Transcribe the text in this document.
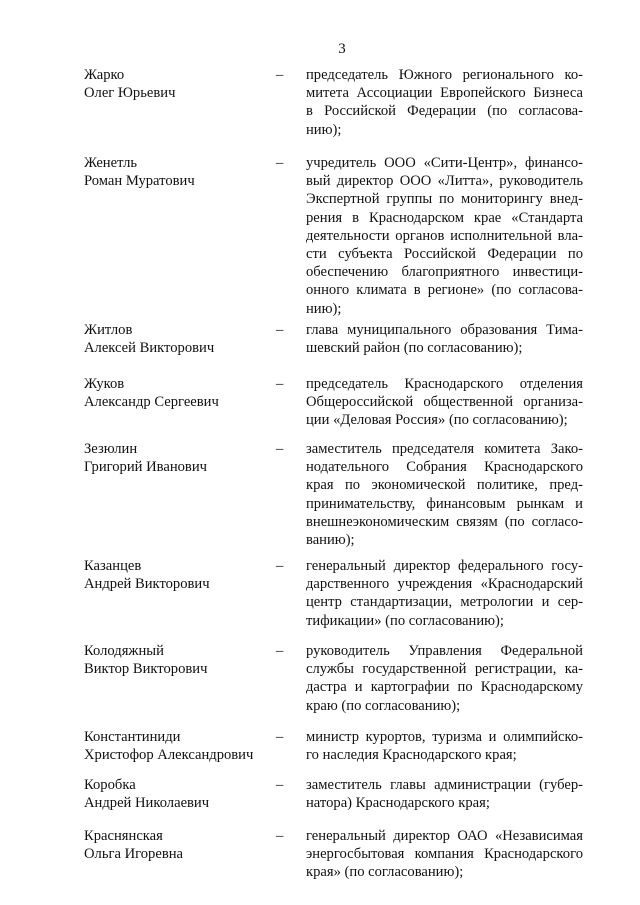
3
Жарко
Олег Юрьевич
– председатель Южного регионального ко-
митета Ассоциации Европейского Бизнеса
в Российской Федерации (по согласова-
нию);
Женетль
Роман Муратович
– учредитель ООО «Сити-Центр», финансо-
вый директор ООО «Литта», руководитель
Экспертной группы по мониторингу внед-
рения в Краснодарском крае «Стандарта
деятельности органов исполнительной вла-
сти субъекта Российской Федерации по
обеспечению благоприятного инвестици-
онного климата в регионе» (по согласова-
нию);
Житлов
Алексей Викторович
– глава муниципального образования Тима-
шевский район (по согласованию);
Жуков
Александр Сергеевич
– председатель Краснодарского отделения
Общероссийской общественной организа-
ции «Деловая Россия» (по согласованию);
Зезюлин
Григорий Иванович
– заместитель председателя комитета Зако-
нодательного Собрания Краснодарского
края по экономической политике, пред-
принимательству, финансовым рынкам и
внешнеэкономическим связям (по согласо-
ванию);
Казанцев
Андрей Викторович
– генеральный директор федерального госу-
дарственного учреждения «Краснодарский
центр стандартизации, метрологии и сер-
тификации» (по согласованию);
Колодяжный
Виктор Викторович
– руководитель Управления Федеральной
службы государственной регистрации, ка-
дастра и картографии по Краснодарскому
краю (по согласованию);
Константиниди
Христофор Александрович
– министр курортов, туризма и олимпийско-
го наследия Краснодарского края;
Коробка
Андрей Николаевич
– заместитель главы администрации (губер-
натора) Краснодарского края;
Краснянская
Ольга Игоревна
– генеральный директор ОАО «Независимая
энергосбытовая компания Краснодарского
края» (по согласованию);
